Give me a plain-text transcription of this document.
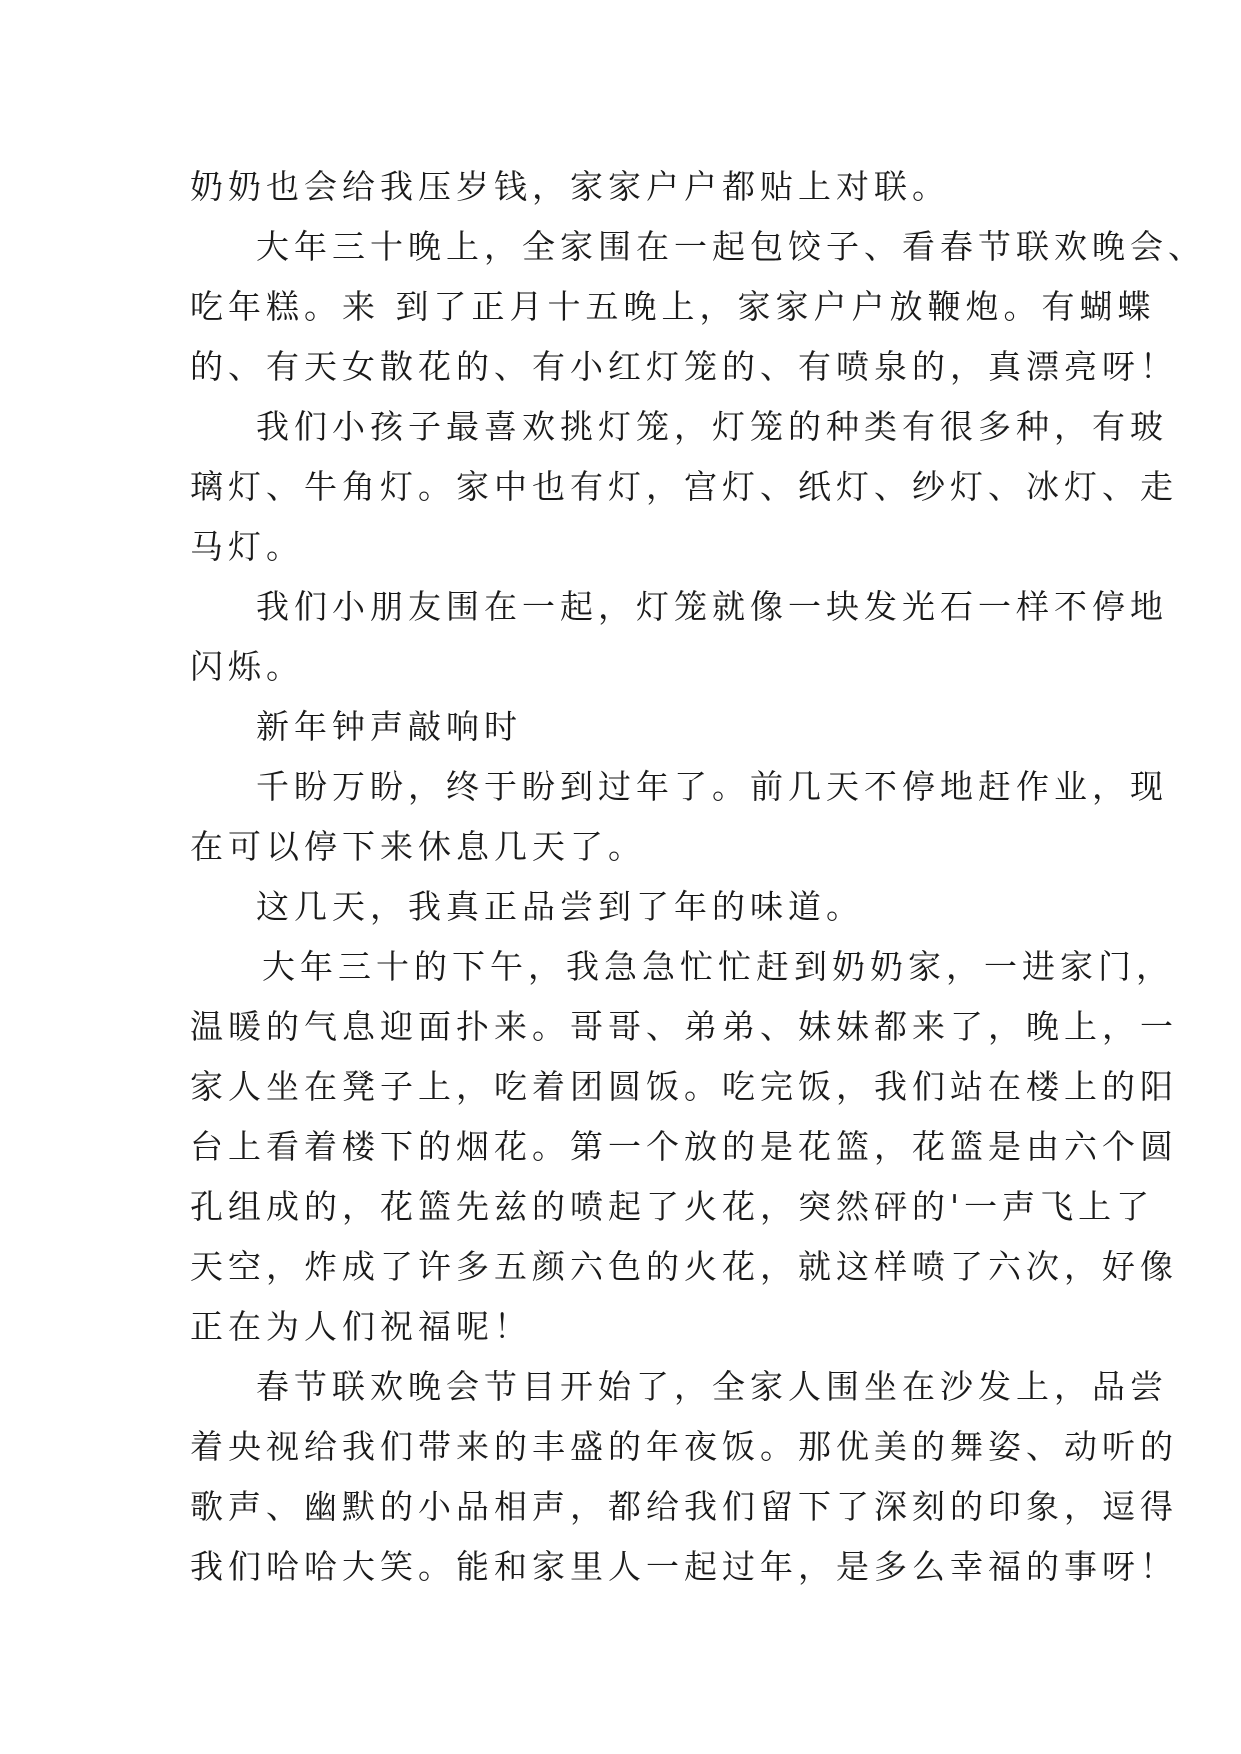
奶奶也会给我压岁钱，家家户户都贴上对联。
大年三十晚上，全家围在一起包饺子、看春节联欢晚会、
吃年糕。来 到了正月十五晚上，家家户户放鞭炮。有蝴蝶
的、有天女散花的、有小红灯笼的、有喷泉的，真漂亮呀！
我们小孩子最喜欢挑灯笼，灯笼的种类有很多种，有玻
璃灯、牛角灯。家中也有灯，宫灯、纸灯、纱灯、冰灯、走
马灯。
我们小朋友围在一起，灯笼就像一块发光石一样不停地
闪烁。
新年钟声敲响时
千盼万盼，终于盼到过年了。前几天不停地赶作业，现
在可以停下来休息几天了。
这几天，我真正品尝到了年的味道。
大年三十的下午，我急急忙忙赶到奶奶家，一进家门，
温暖的气息迎面扑来。哥哥、弟弟、妹妹都来了，晚上，一
家人坐在凳子上，吃着团圆饭。吃完饭，我们站在楼上的阳
台上看着楼下的烟花。第一个放的是花篮，花篮是由六个圆
孔组成的，花篮先兹的喷起了火花，突然砰的'一声飞上了
天空，炸成了许多五颜六色的火花，就这样喷了六次，好像
正在为人们祝福呢！
春节联欢晚会节目开始了，全家人围坐在沙发上，品尝
着央视给我们带来的丰盛的年夜饭。那优美的舞姿、动听的
歌声、幽默的小品相声，都给我们留下了深刻的印象，逗得
我们哈哈大笑。能和家里人一起过年，是多么幸福的事呀！
